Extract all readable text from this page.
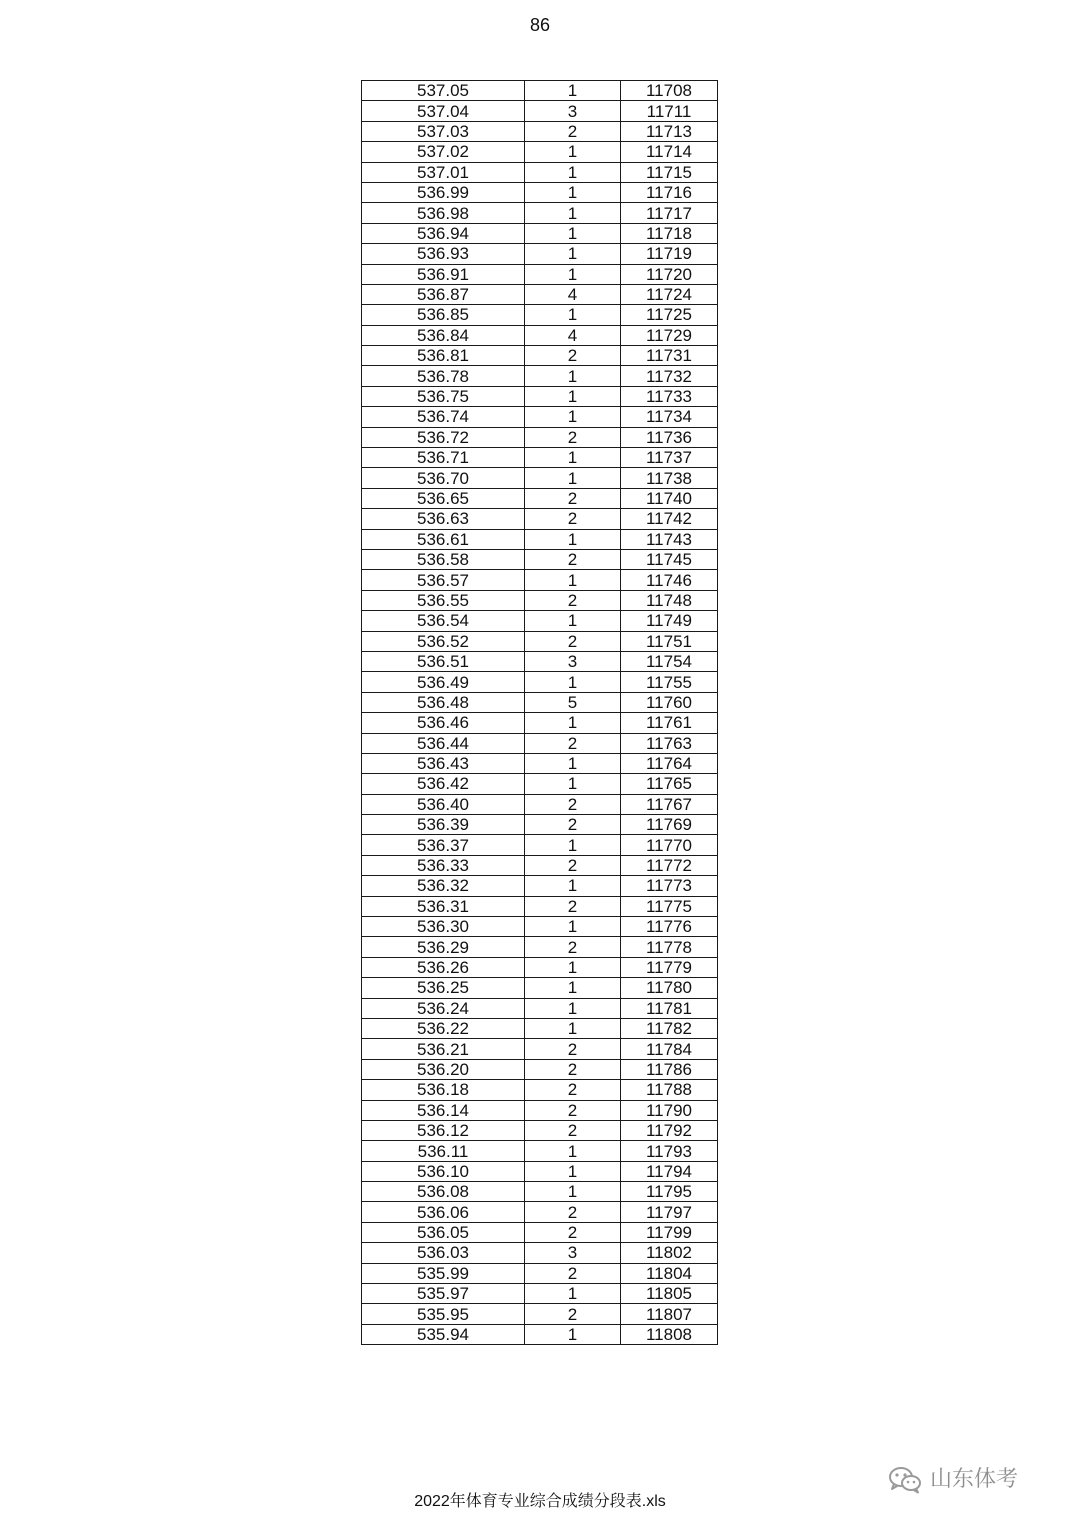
86
537.05	1	11708
537.04	3	11711
537.03	2	11713
537.02	1	11714
537.01	1	11715
536.99	1	11716
536.98	1	11717
536.94	1	11718
536.93	1	11719
536.91	1	11720
536.87	4	11724
536.85	1	11725
536.84	4	11729
536.81	2	11731
536.78	1	11732
536.75	1	11733
536.74	1	11734
536.72	2	11736
536.71	1	11737
536.70	1	11738
536.65	2	11740
536.63	2	11742
536.61	1	11743
536.58	2	11745
536.57	1	11746
536.55	2	11748
536.54	1	11749
536.52	2	11751
536.51	3	11754
536.49	1	11755
536.48	5	11760
536.46	1	11761
536.44	2	11763
536.43	1	11764
536.42	1	11765
536.40	2	11767
536.39	2	11769
536.37	1	11770
536.33	2	11772
536.32	1	11773
536.31	2	11775
536.30	1	11776
536.29	2	11778
536.26	1	11779
536.25	1	11780
536.24	1	11781
536.22	1	11782
536.21	2	11784
536.20	2	11786
536.18	2	11788
536.14	2	11790
536.12	2	11792
536.11	1	11793
536.10	1	11794
536.08	1	11795
536.06	2	11797
536.05	2	11799
536.03	3	11802
535.99	2	11804
535.97	1	11805
535.95	2	11807
535.94	1	11808
山东体考
2022年体育专业综合成绩分段表.xls
